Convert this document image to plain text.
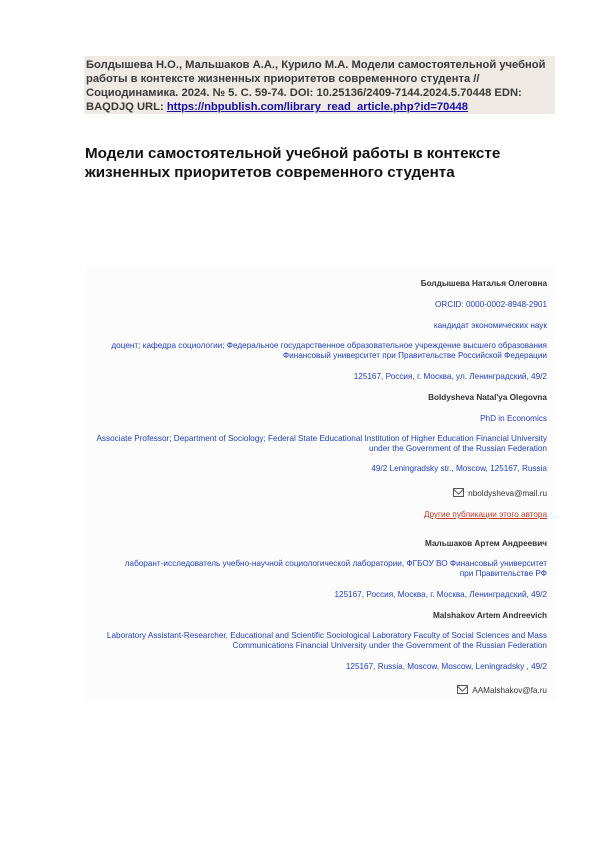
Болдышева Н.О., Мальшаков А.А., Курило М.А. Модели самостоятельной учебной работы в контексте жизненных приоритетов современного студента // Социодинамика. 2024. № 5. С. 59-74. DOI: 10.25136/2409-7144.2024.5.70448 EDN: BAQDJQ URL: https://nbpublish.com/library_read_article.php?id=70448
Модели самостоятельной учебной работы в контексте жизненных приоритетов современного студента
Болдышева Наталья Олеговна
ORCID: 0000-0002-8948-2901
кандидат экономических наук
доцент; кафедра социологии; Федеральное государственное образовательное учреждение высшего образования Финансовый университет при Правительстве Российской Федерации
125167, Россия, г. Москва, ул. Ленинградский, 49/2
Boldysheva Natal'ya Olegovna
PhD in Economics
Associate Professor; Department of Sociology; Federal State Educational Institution of Higher Education Financial University under the Government of the Russian Federation
49/2 Leningradsky str., Moscow, 125167, Russia
nboldysheva@mail.ru
Другие публикации этого автора
Мальшаков Артем Андреевич
лаборант-исследователь учебно-научной социологической лаборатории, ФГБОУ ВО Финансовый университет при Правительстве РФ
125167, Россия, Москва, г. Москва, Ленинградский, 49/2
Malshakov Artem Andreevich
Laboratory Assistant-Researcher, Educational and Scientific Sociological Laboratory Faculty of Social Sciences and Mass Communications Financial University under the Government of the Russian Federation
125167, Russia, Moscow, Moscow, Leningradsky , 49/2
AAMalshakov@fa.ru
